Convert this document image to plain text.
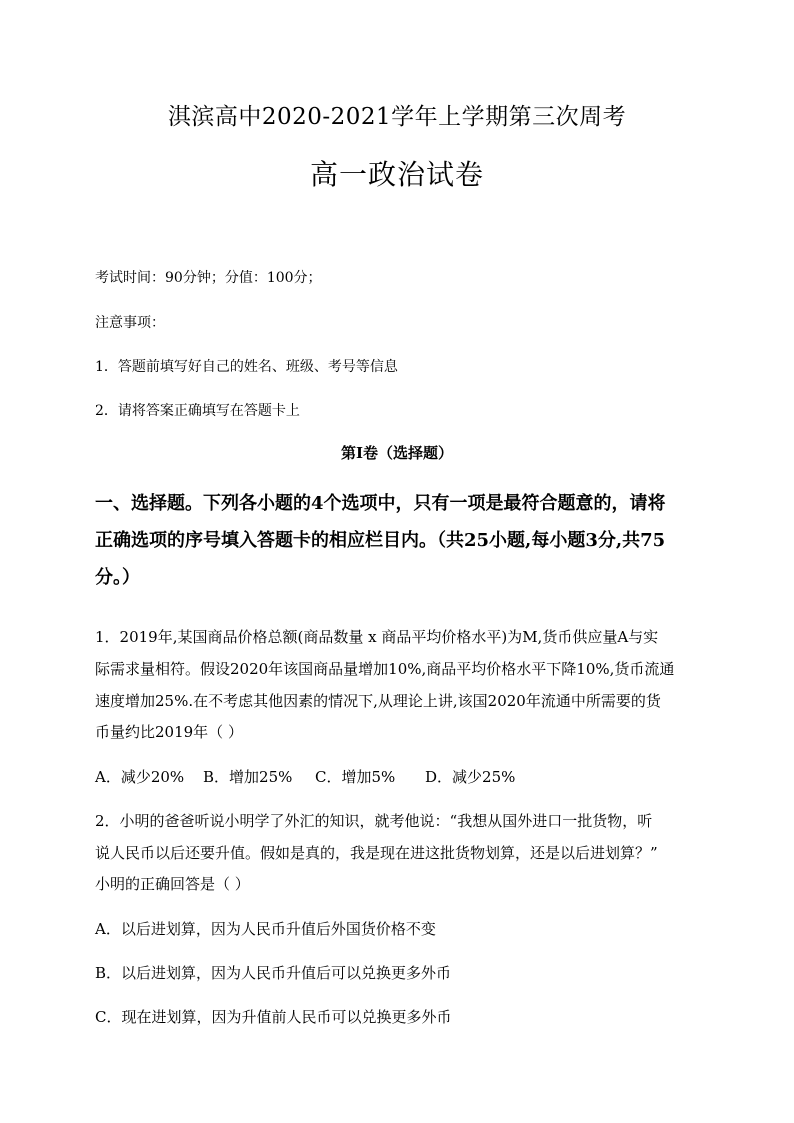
淇滨高中2020-2021学年上学期第三次周考
高一政治试卷
考试时间：90分钟；分值：100分；
注意事项：
1．答题前填写好自己的姓名、班级、考号等信息
2．请将答案正确填写在答题卡上
第I卷（选择题）
一、选择题。下列各小题的4个选项中，只有一项是最符合题意的，请将
正确选项的序号填入答题卡的相应栏目内。（共25小题,每小题3分,共75
分。）
1．2019年,某国商品价格总额(商品数量 x 商品平均价格水平)为M,货币供应量A与实
际需求量相符。假设2020年该国商品量增加10%,商品平均价格水平下降10%,货币流通
速度增加25%.在不考虑其他因素的情况下,从理论上讲,该国2020年流通中所需要的货
币量约比2019年（ ）
A．减少20% B．增加25% C．增加5% D．减少25%
2．小明的爸爸听说小明学了外汇的知识，就考他说：“我想从国外进口一批货物，听
说人民币以后还要升值。假如是真的，我是现在进这批货物划算，还是以后进划算？”
小明的正确回答是（ ）
A．以后进划算，因为人民币升值后外国货价格不变
B．以后进划算，因为人民币升值后可以兑换更多外币
C．现在进划算，因为升值前人民币可以兑换更多外币
